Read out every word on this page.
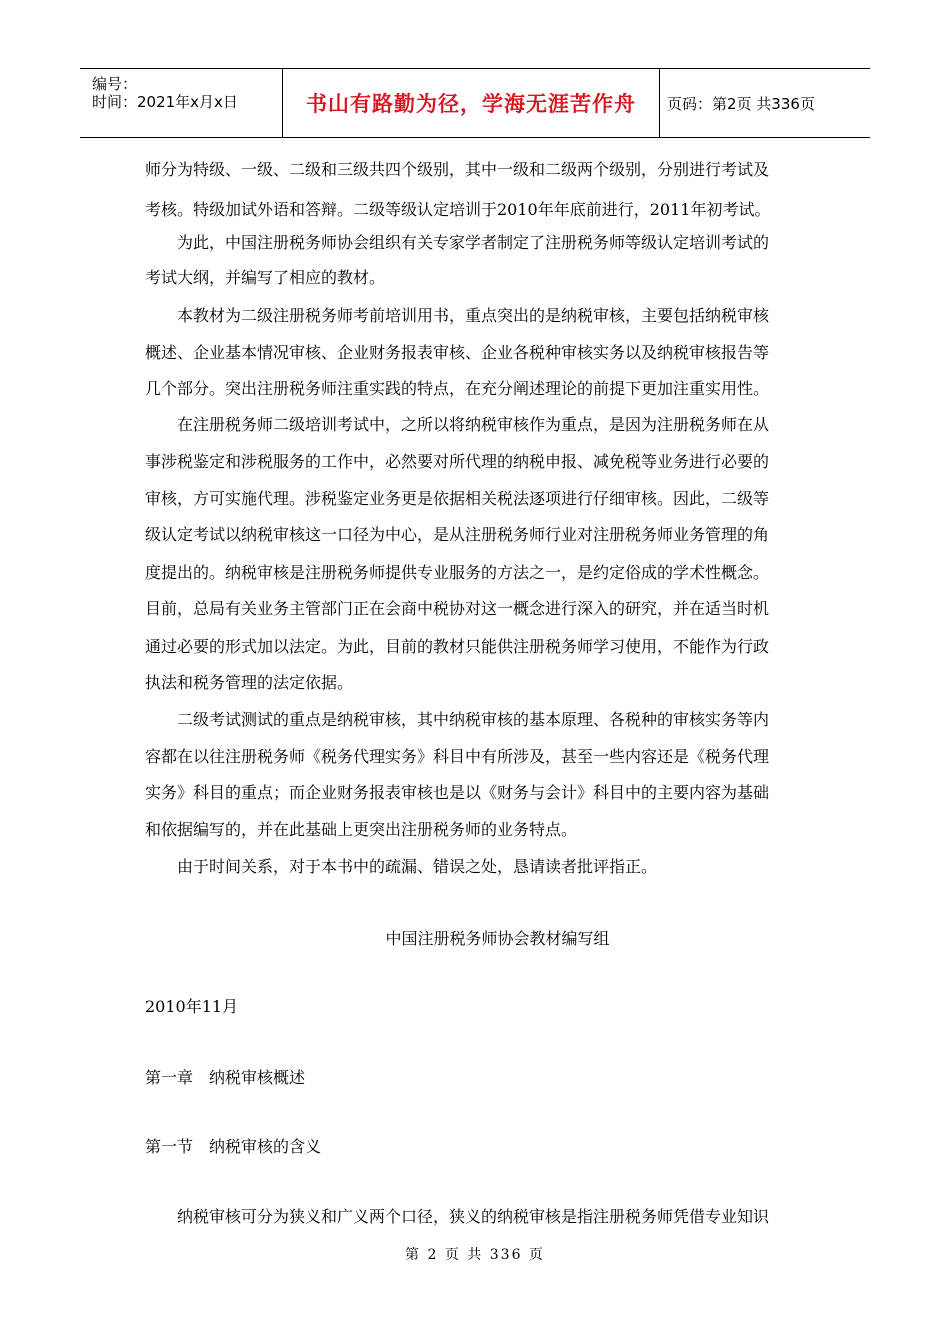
编号：
时间：2021年x月x日	书山有路勤为径，学海无涯苦作舟 页码：第2页 共336页
师分为特级、一级、二级和三级共四个级别，其中一级和二级两个级别，分别进行考试及
考核。特级加试外语和答辩。二级等级认定培训于2010年年底前进行，2011年初考试。
　　为此，中国注册税务师协会组织有关专家学者制定了注册税务师等级认定培训考试的
考试大纲，并编写了相应的教材。
　　本教材为二级注册税务师考前培训用书，重点突出的是纳税审核，主要包括纳税审核
概述、企业基本情况审核、企业财务报表审核、企业各税种审核实务以及纳税审核报告等
几个部分。突出注册税务师注重实践的特点，在充分阐述理论的前提下更加注重实用性。
　　在注册税务师二级培训考试中，之所以将纳税审核作为重点，是因为注册税务师在从
事涉税鉴定和涉税服务的工作中，必然要对所代理的纳税申报、减免税等业务进行必要的
审核，方可实施代理。涉税鉴定业务更是依据相关税法逐项进行仔细审核。因此，二级等
级认定考试以纳税审核这一口径为中心，是从注册税务师行业对注册税务师业务管理的角
度提出的。纳税审核是注册税务师提供专业服务的方法之一，是约定俗成的学术性概念。
目前，总局有关业务主管部门正在会商中税协对这一概念进行深入的研究，并在适当时机
通过必要的形式加以法定。为此，目前的教材只能供注册税务师学习使用，不能作为行政
执法和税务管理的法定依据。
　　二级考试测试的重点是纳税审核，其中纳税审核的基本原理、各税种的审核实务等内
容都在以往注册税务师《税务代理实务》科目中有所涉及，甚至一些内容还是《税务代理
实务》科目的重点；而企业财务报表审核也是以《财务与会计》科目中的主要内容为基础
和依据编写的，并在此基础上更突出注册税务师的业务特点。
　　由于时间关系，对于本书中的疏漏、错误之处，恳请读者批评指正。
中国注册税务师协会教材编写组
2010年11月
第一章　纳税审核概述
第一节　纳税审核的含义
　　纳税审核可分为狭义和广义两个口径，狭义的纳税审核是指注册税务师凭借专业知识
第 2 页 共 336 页
